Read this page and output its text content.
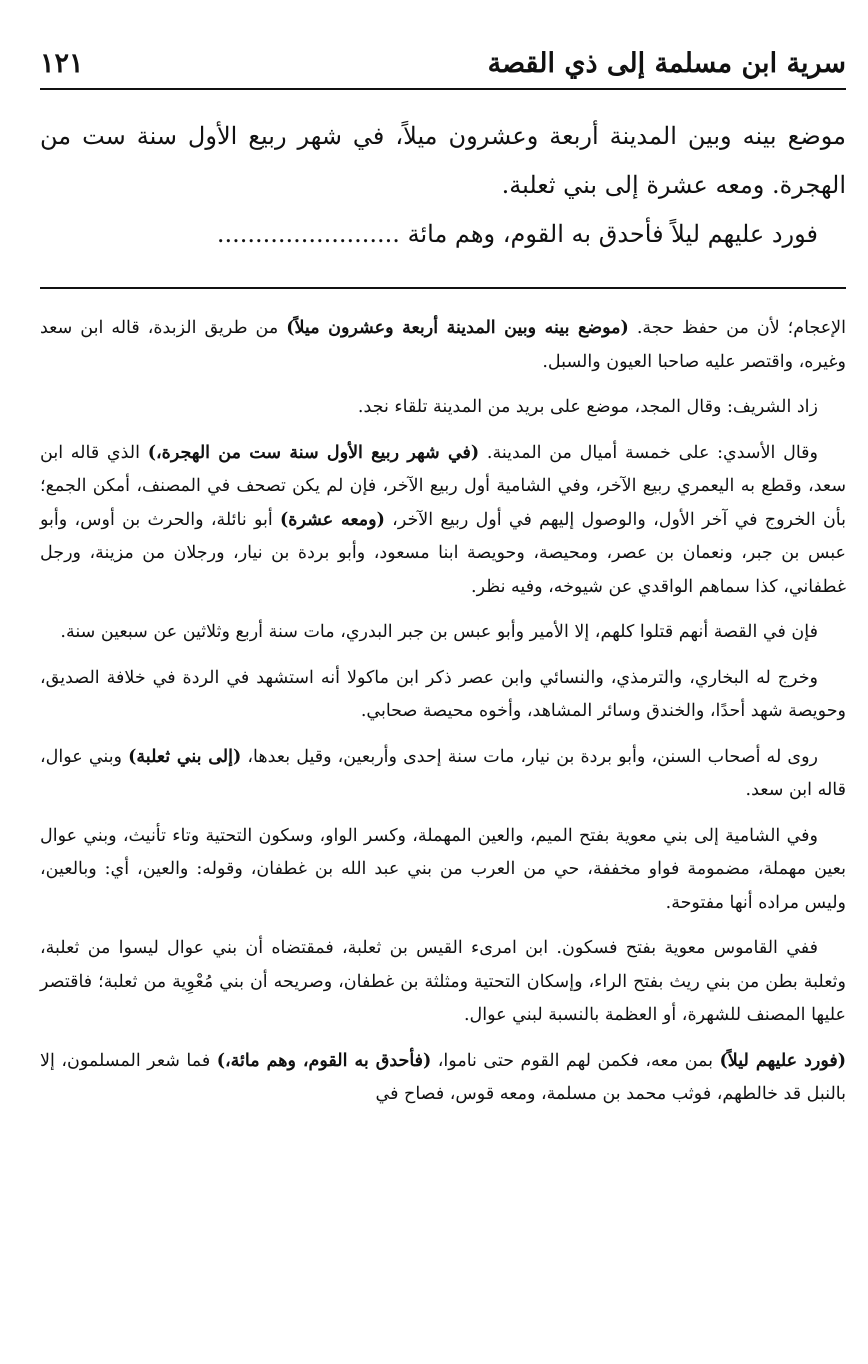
سرية ابن مسلمة إلى ذي القصة
١٢١

موضع بينه وبين المدينة أربعة وعشرون ميلاً، في شهر ربيع الأول سنة ست من الهجرة. ومعه عشرة إلى بني ثعلبة.

فورد عليهم ليلاً فأحدق به القوم، وهم مائة ........................

الإعجام؛ لأن من حفظ حجة. (موضع بينه وبين المدينة أربعة وعشرون ميلاً) من طريق الزبدة، قاله ابن سعد وغيره، واقتصر عليه صاحبا العيون والسبل.

زاد الشريف: وقال المجد، موضع على بريد من المدينة تلقاء نجد.

وقال الأسدي: على خمسة أميال من المدينة. (في شهر ربيع الأول سنة ست من الهجرة،) الذي قاله ابن سعد، وقطع به اليعمري ربيع الآخر، وفي الشامية أول ربيع الآخر، فإن لم يكن تصحف في المصنف، أمكن الجمع؛ بأن الخروج في آخر الأول، والوصول إليهم في أول ربيع الآخر، (ومعه عشرة) أبو نائلة، والحرث بن أوس، وأبو عبس بن جبر، ونعمان بن عصر، ومحيصة، وحويصة ابنا مسعود، وأبو بردة بن نيار، ورجلان من مزينة، ورجل غطفاني، كذا سماهم الواقدي عن شيوخه، وفيه نظر.

فإن في القصة أنهم قتلوا كلهم، إلا الأمير وأبو عبس بن جبر البدري، مات سنة أربع وثلاثين عن سبعين سنة.

وخرج له البخاري، والترمذي، والنسائي وابن عصر ذكر ابن ماكولا أنه استشهد في الردة في خلافة الصديق، وحويصة شهد أحدًا، والخندق وسائر المشاهد، وأخوه محيصة صحابي.

روى له أصحاب السنن، وأبو بردة بن نيار، مات سنة إحدى وأربعين، وقيل بعدها، (إلى بني ثعلبة) وبني عوال، قاله ابن سعد.

وفي الشامية إلى بني معوية بفتح الميم، والعين المهملة، وكسر الواو، وسكون التحتية وتاء تأنيث، وبني عوال بعين مهملة، مضمومة فواو مخففة، حي من العرب من بني عبد الله بن غطفان، وقوله: والعين، أي: وبالعين، وليس مراده أنها مفتوحة.

ففي القاموس معوية بفتح فسكون. ابن امرىء القيس بن ثعلبة، فمقتضاه أن بني عوال ليسوا من ثعلبة، وثعلبة بطن من بني ريث بفتح الراء، وإسكان التحتية ومثلثة بن غطفان، وصريحه أن بني مُعْوِية من ثعلبة؛ فاقتصر عليها المصنف للشهرة، أو العظمة بالنسبة لبني عوال.

(فورد عليهم ليلاً) بمن معه، فكمن لهم القوم حتى ناموا، (فأحدق به القوم، وهم مائة،) فما شعر المسلمون، إلا بالنبل قد خالطهم، فوثب محمد بن مسلمة، ومعه قوس، فصاح في
